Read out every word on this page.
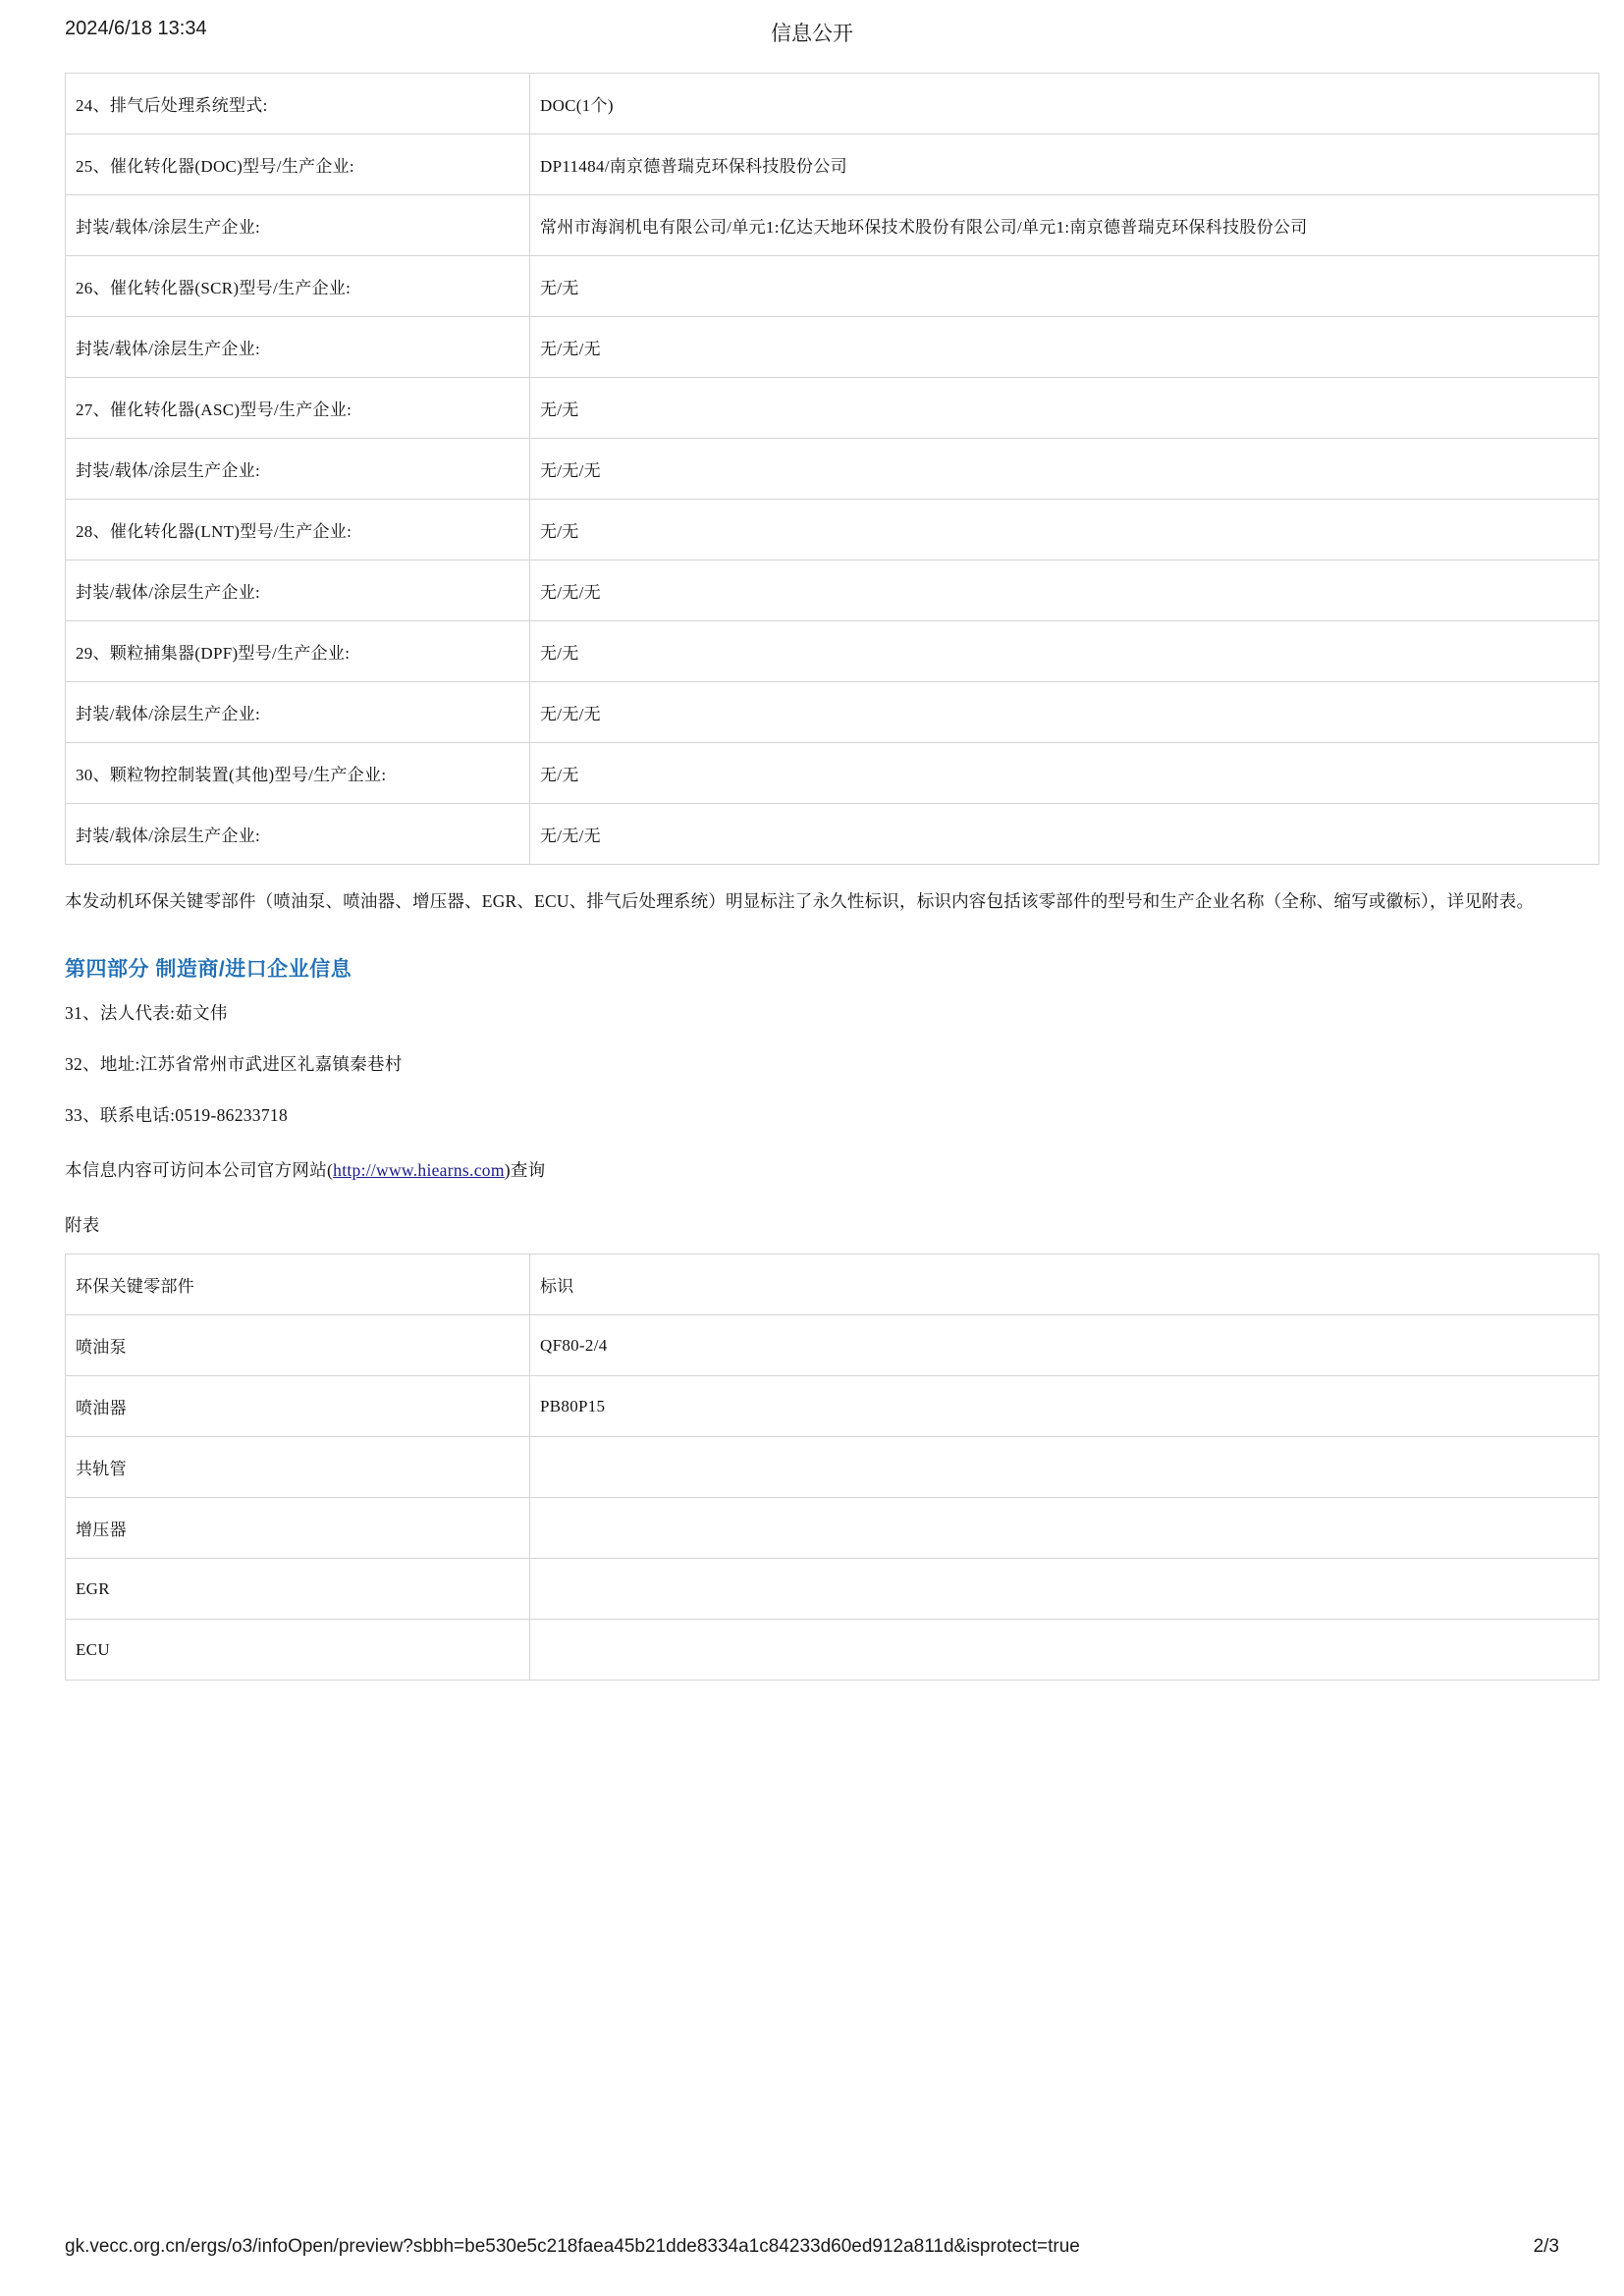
2024/6/18 13:34	信息公开
24、排气后处理系统型式:	DOC(1个)
25、催化转化器(DOC)型号/生产企业:	DP11484/南京德普瑞克环保科技股份公司
封装/载体/涂层生产企业:	常州市海润机电有限公司/单元1:亿达天地环保技术股份有限公司/单元1:南京德普瑞克环保科技股份公司
26、催化转化器(SCR)型号/生产企业:	无/无
封装/载体/涂层生产企业:	无/无/无
27、催化转化器(ASC)型号/生产企业:	无/无
封装/载体/涂层生产企业:	无/无/无
28、催化转化器(LNT)型号/生产企业:	无/无
封装/载体/涂层生产企业:	无/无/无
29、颗粒捕集器(DPF)型号/生产企业:	无/无
封装/载体/涂层生产企业:	无/无/无
30、颗粒物控制装置(其他)型号/生产企业:	无/无
封装/载体/涂层生产企业:	无/无/无
本发动机环保关键零部件（喷油泵、喷油器、增压器、EGR、ECU、排气后处理系统）明显标注了永久性标识，标识内容包括该零部件的型号和生产企业名称（全称、缩写或徽标），详见附表。
第四部分 制造商/进口企业信息
31、法人代表:茹文伟
32、地址:江苏省常州市武进区礼嘉镇秦巷村
33、联系电话:0519-86233718
本信息内容可访问本公司官方网站(http://www.hiearns.com)查询
附表
环保关键零部件	标识
喷油泵	QF80-2/4
喷油器	PB80P15
共轨管	
增压器	
EGR	
ECU	
gk.vecc.org.cn/ergs/o3/infoOpen/preview?sbbh=be530e5c218faea45b21dde8334a1c84233d60ed912a811d&isprotect=true	2/3
